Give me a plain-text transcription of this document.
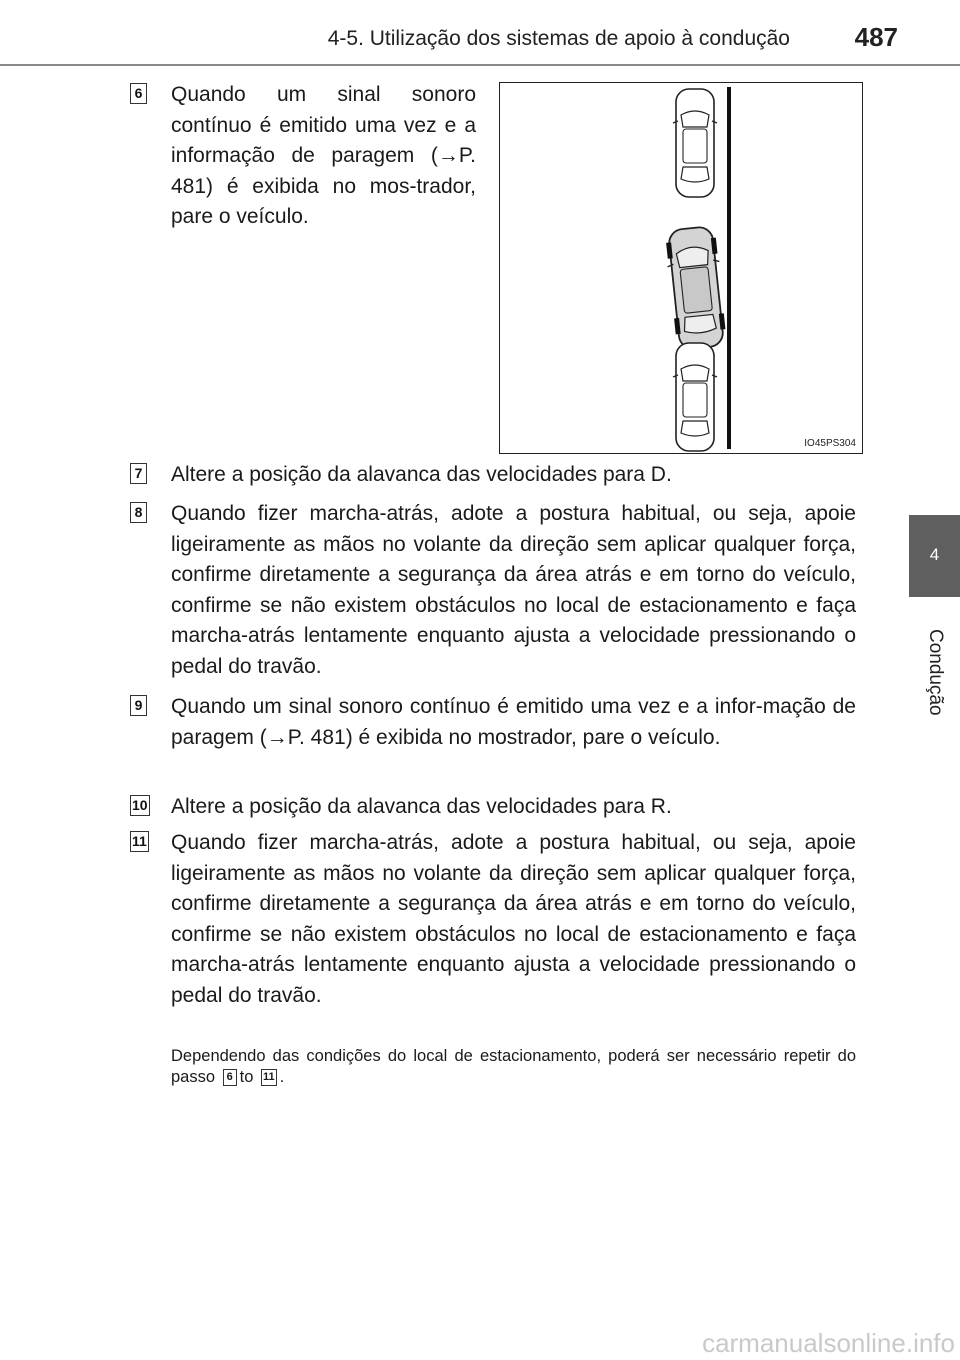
4-5. Utilização dos sistemas de apoio à condução	487
4
Condução
6 Quando um sinal sonoro contínuo é emitido uma vez e a informação de paragem (→P. 481) é exibida no mos-trador, pare o veículo.
IO45PS304
7 Altere a posição da alavanca das velocidades para D.
8 Quando fizer marcha-atrás, adote a postura habitual, ou seja, apoie ligeiramente as mãos no volante da direção sem aplicar qualquer força, confirme diretamente a segurança da área atrás e em torno do veículo, confirme se não existem obstáculos no local de estacionamento e faça marcha-atrás lentamente enquanto ajusta a velocidade pressionando o pedal do travão.
9 Quando um sinal sonoro contínuo é emitido uma vez e a infor-mação de paragem (→P. 481) é exibida no mostrador, pare o veículo.
10 Altere a posição da alavanca das velocidades para R.
11 Quando fizer marcha-atrás, adote a postura habitual, ou seja, apoie ligeiramente as mãos no volante da direção sem aplicar qualquer força, confirme diretamente a segurança da área atrás e em torno do veículo, confirme se não existem obstáculos no local de estacionamento e faça marcha-atrás lentamente enquanto ajusta a velocidade pressionando o pedal do travão.
Dependendo das condições do local de estacionamento, poderá ser necessário repetir do passo 6 to 11 .
carmanualsonline.info
